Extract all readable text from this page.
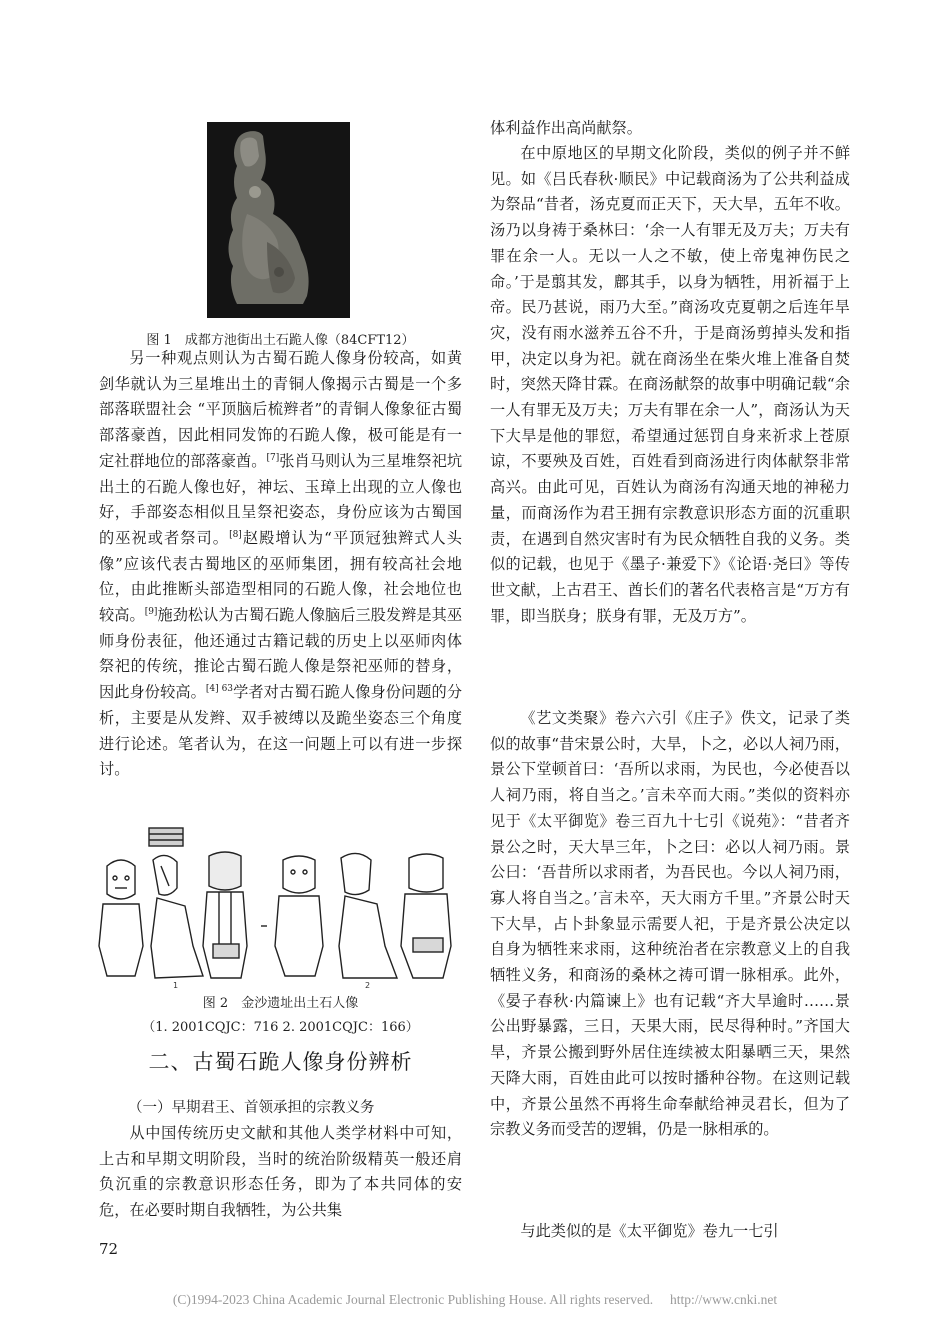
图 1　成都方池街出土石跪人像（84CFT12）

另一种观点则认为古蜀石跪人像身份较高，如黄剑华就认为三星堆出土的青铜人像揭示古蜀是一个多部落联盟社会 “平顶脑后梳辫者”的青铜人像象征古蜀部落豪酋，因此相同发饰的石跪人像，极可能是有一定社群地位的部落豪酋。[7]张肖马则认为三星堆祭祀坑出土的石跪人像也好，神坛、玉璋上出现的立人像也好，手部姿态相似且呈祭祀姿态，身份应该为古蜀国的巫祝或者祭司。[8]赵殿增认为“平顶冠独辫式人头像”应该代表古蜀地区的巫师集团，拥有较高社会地位，由此推断头部造型相同的石跪人像，社会地位也较高。[9]施劲松认为古蜀石跪人像脑后三股发辫是其巫师身份表征，他还通过古籍记载的历史上以巫师肉体祭祀的传统，推论古蜀石跪人像是祭祀巫师的替身，因此身份较高。$^{[4] 63}$学者对古蜀石跪人像身份问题的分析，主要是从发辫、双手被缚以及跪坐姿态三个角度进行论述。笔者认为，在这一问题上可以有进一步探讨。

1	2
图 2　金沙遗址出土石人像
（1. 2001CQJC：716 2. 2001CQJC：166）
二、古蜀石跪人像身份辨析
（一）早期君王、首领承担的宗教义务

从中国传统历史文献和其他人类学材料中可知，上古和早期文明阶段，当时的统治阶级精英一般还肩负沉重的宗教意识形态任务，即为了本共同体的安危，在必要时期自我牺牲，为公共集

体利益作出高尚献祭。

在中原地区的早期文化阶段，类似的例子并不鲜见。如《吕氏春秋·顺民》中记载商汤为了公共利益成为祭品“昔者，汤克夏而正天下，天大旱，五年不收。汤乃以身祷于桑林曰：‘余一人有罪无及万夫；万夫有罪在余一人。无以一人之不敏，使上帝鬼神伤民之命。’于是翦其发，鄜其手，以身为牺牲，用祈福于上帝。民乃甚说，雨乃大至。”商汤攻克夏朝之后连年旱灾，没有雨水滋养五谷不升，于是商汤剪掉头发和指甲，决定以身为祀。就在商汤坐在柴火堆上准备自焚时，突然天降甘霖。在商汤献祭的故事中明确记载“余一人有罪无及万夫；万夫有罪在余一人”，商汤认为天下大旱是他的罪愆，希望通过惩罚自身来祈求上苍原谅，不要殃及百姓，百姓看到商汤进行肉体献祭非常高兴。由此可见，百姓认为商汤有沟通天地的神秘力量，而商汤作为君王拥有宗教意识形态方面的沉重职责，在遇到自然灾害时有为民众牺牲自我的义务。类似的记载，也见于《墨子·兼爱下》《论语·尧曰》等传世文献，上古君王、酋长们的著名代表格言是“万方有罪，即当朕身；朕身有罪，无及万方”。

《艺文类聚》卷六六引《庄子》佚文，记录了类似的故事“昔宋景公时，大旱，卜之，必以人祠乃雨，景公下堂顿首曰：‘吾所以求雨，为民也，今必使吾以人祠乃雨，将自当之。’言未卒而大雨。”类似的资料亦见于《太平御览》卷三百九十七引《说苑》：“昔者齐景公之时，天大旱三年，卜之曰：必以人祠乃雨。景公曰：‘吾昔所以求雨者，为吾民也。今以人祠乃雨，寡人将自当之。’言未卒，天大雨方千里。”齐景公时天下大旱，占卜卦象显示需要人祀，于是齐景公决定以自身为牺牲来求雨，这种统治者在宗教意义上的自我牺牲义务，和商汤的桑林之祷可谓一脉相承。此外，《晏子春秋·内篇谏上》也有记载“齐大旱逾时……景公出野暴露，三日，天果大雨，民尽得种时。”齐国大旱，齐景公搬到野外居住连续被太阳暴晒三天，果然天降大雨，百姓由此可以按时播种谷物。在这则记载中，齐景公虽然不再将生命奉献给神灵君长，但为了宗教义务而受苦的逻辑，仍是一脉相承的。

与此类似的是《太平御览》卷九一七引

72
(C)1994-2023 China Academic Journal Electronic Publishing House. All rights reserved.　 http://www.cnki.net
